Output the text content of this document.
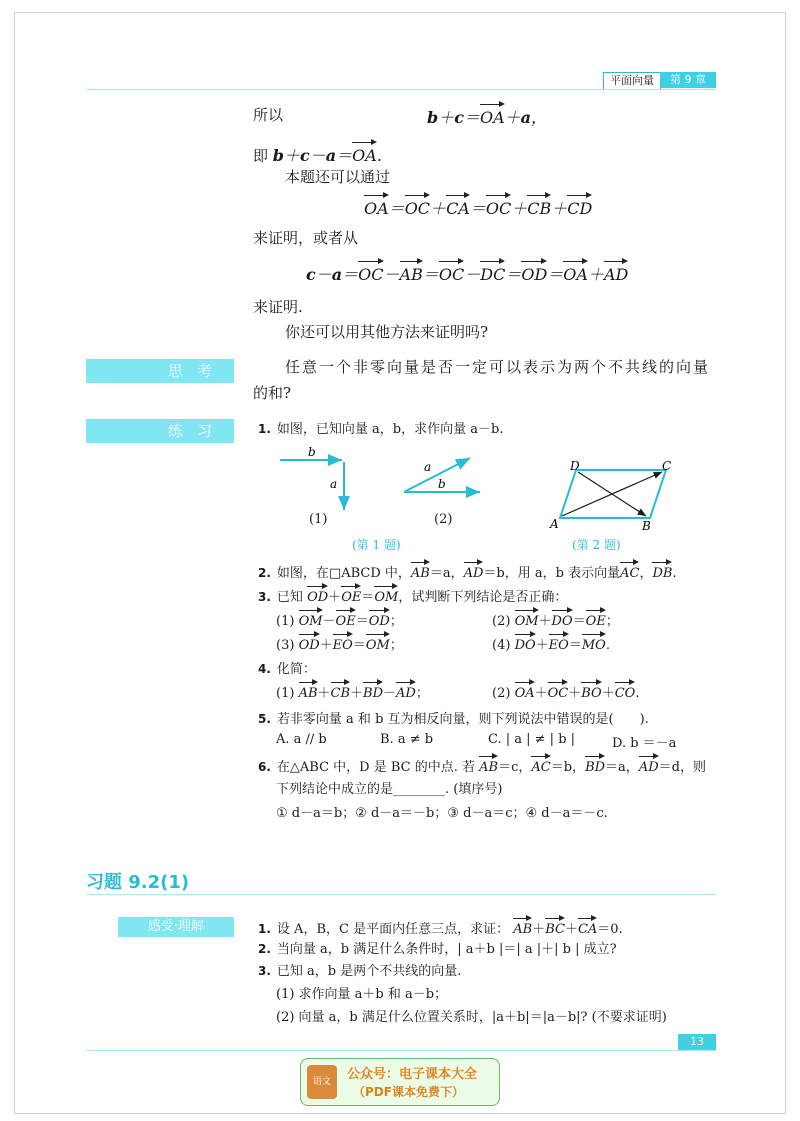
平面向量	第 9 章
所以	b＋c＝OA＋a，
即 b＋c－a＝OA.
本题还可以通过
OA＝OC＋CA＝OC＋CB＋CD
来证明，或者从
c－a＝OC－AB＝OC－DC＝OD＝OA＋AD
来证明.
你还可以用其他方法来证明吗?
思考	任意一个非零向量是否一定可以表示为两个不共线的向量
的和?
练习	1. 如图，已知向量 a，b，求作向量 a－b.
b
a
a
b
A	B
C
D
(1)	(2)
(第 1 题)	(第 2 题)
2. 如图，在□ABCD 中，AB＝a，AD＝b，用 a，b 表示向量AC，DB.
3. 已知 OD＋OE＝OM，试判断下列结论是否正确：
(1) OM－OE＝OD；	(2) OM＋DO＝OE；
(3) OD＋EO＝OM；	(4) DO＋EO＝MO.
4. 化简：
(1) AB＋CB＋BD－AD；	(2) OA＋OC＋BO＋CO.
5. 若非零向量 a 和 b 互为相反向量，则下列说法中错误的是(　　).
A. a // b	B. a ≠ b	C. | a | ≠ | b |	D. b ＝－a
6. 在△ABC 中，D 是 BC 的中点. 若 AB＝c，AC＝b，BD＝a，AD＝d，则
下列结论中成立的是________. (填序号)
① d－a＝b；② d－a＝－b；③ d－a＝c；④ d－a＝－c.
习题 9.2(1)
感受·理解	1. 设 A，B，C 是平面内任意三点，求证： AB＋BC＋CA＝0.
2. 当向量 a，b 满足什么条件时，| a＋b |＝| a |＋| b | 成立?
3. 已知 a，b 是两个不共线的向量.
(1) 求作向量 a＋b 和 a－b；
(2) 向量 a，b 满足什么位置关系时，|a＋b|＝|a－b|? (不要求证明)
13
语文	公众号：电子课本大全
（PDF课本免费下）
